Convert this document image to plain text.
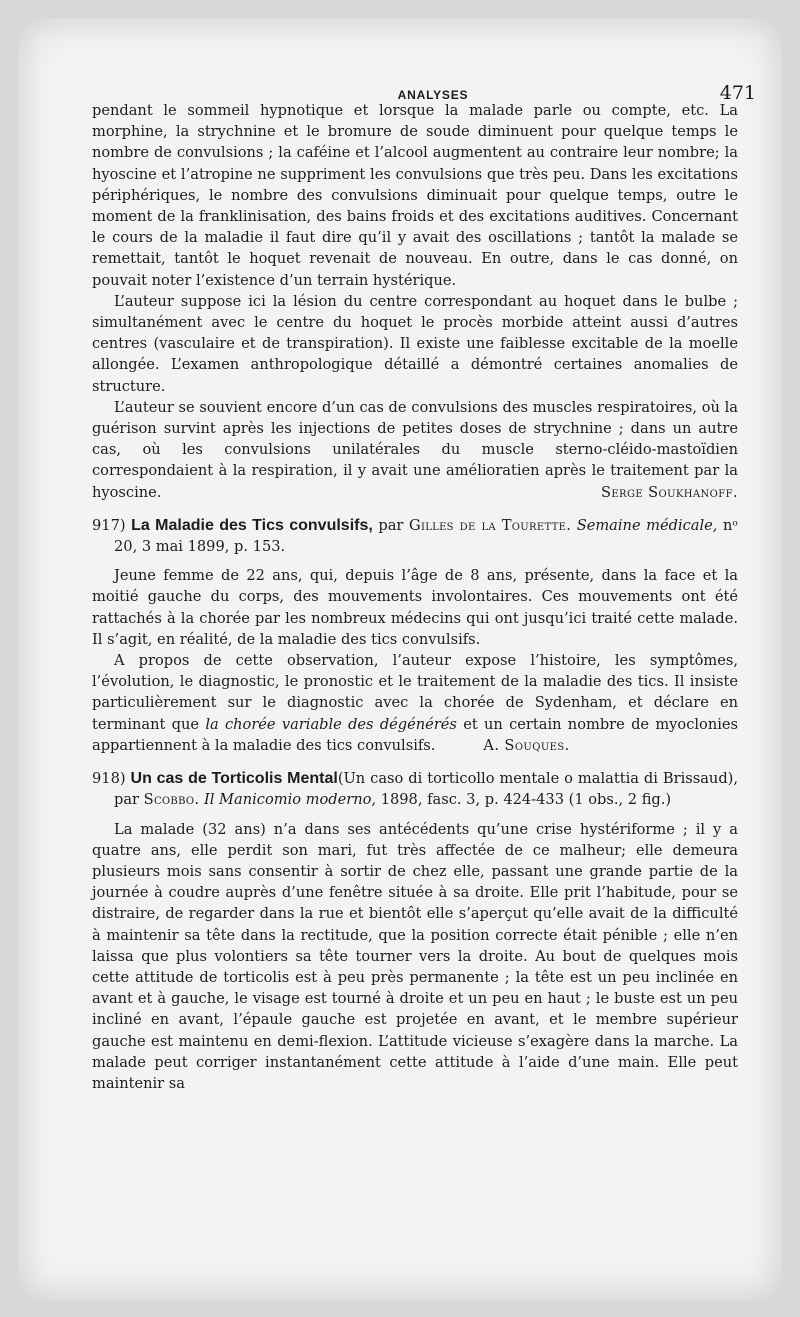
ANALYSES	471

pendant le sommeil hypnotique et lorsque la malade parle ou compte, etc. La morphine, la strychnine et le bromure de soude diminuent pour quelque temps le nombre de convulsions ; la caféine et l’alcool augmentent au contraire leur nombre; la hyoscine et l’atropine ne suppriment les convulsions que très peu. Dans les excitations périphériques, le nombre des convulsions diminuait pour quelque temps, outre le moment de la franklinisation, des bains froids et des excitations auditives. Concernant le cours de la maladie il faut dire qu’il y avait des oscillations ; tantôt la malade se remettait, tantôt le hoquet revenait de nouveau. En outre, dans le cas donné, on pouvait noter l’existence d’un terrain hystérique.

L’auteur suppose ici la lésion du centre correspondant au hoquet dans le bulbe ; simultanément avec le centre du hoquet le procès morbide atteint aussi d’autres centres (vasculaire et de transpiration). Il existe une faiblesse excitable de la moelle allongée. L’examen anthropologique détaillé a démontré certaines anomalies de structure.

L’auteur se souvient encore d’un cas de convulsions des muscles respiratoires, où la guérison survint après les injections de petites doses de strychnine ; dans un autre cas, où les convulsions unilatérales du muscle sterno-cléido-mastoïdien correspondaient à la respiration, il y avait une amélioratien après le traitement par la hyoscine.	Serge Soukhanoff.

917) La Maladie des Tics convulsifs, par Gilles de la Tourette. Semaine médicale, nᵒ 20, 3 mai 1899, p. 153.

Jeune femme de 22 ans, qui, depuis l’âge de 8 ans, présente, dans la face et la moitié gauche du corps, des mouvements involontaires. Ces mouvements ont été rattachés à la chorée par les nombreux médecins qui ont jusqu’ici traité cette malade. Il s’agit, en réalité, de la maladie des tics convulsifs.

A propos de cette observation, l’auteur expose l’histoire, les symptômes, l’évolution, le diagnostic, le pronostic et le traitement de la maladie des tics. Il insiste particulièrement sur le diagnostic avec la chorée de Sydenham, et déclare en terminant que la chorée variable des dégénérés et un certain nombre de myoclonies appartiennent à la maladie des tics convulsifs.	A. Souques.

918) Un cas de Torticolis Mental(Un caso di torticollo mentale o malattia di Brissaud), par Scobbo. Il Manicomio moderno, 1898, fasc. 3, p. 424-433 (1 obs., 2 fig.)

La malade (32 ans) n’a dans ses antécédents qu’une crise hystériforme ; il y a quatre ans, elle perdit son mari, fut très affectée de ce malheur; elle demeura plusieurs mois sans consentir à sortir de chez elle, passant une grande partie de la journée à coudre auprès d’une fenêtre située à sa droite. Elle prit l’habitude, pour se distraire, de regarder dans la rue et bientôt elle s’aperçut qu’elle avait de la difficulté à maintenir sa tête dans la rectitude, que la position correcte était pénible ; elle n’en laissa que plus volontiers sa tête tourner vers la droite. Au bout de quelques mois cette attitude de torticolis est à peu près permanente ; la tête est un peu inclinée en avant et à gauche, le visage est tourné à droite et un peu en haut ; le buste est un peu incliné en avant, l’épaule gauche est projetée en avant, et le membre supérieur gauche est maintenu en demi-flexion. L’attitude vicieuse s’exagère dans la marche. La malade peut corriger instantanément cette attitude à l’aide d’une main. Elle peut maintenir sa
